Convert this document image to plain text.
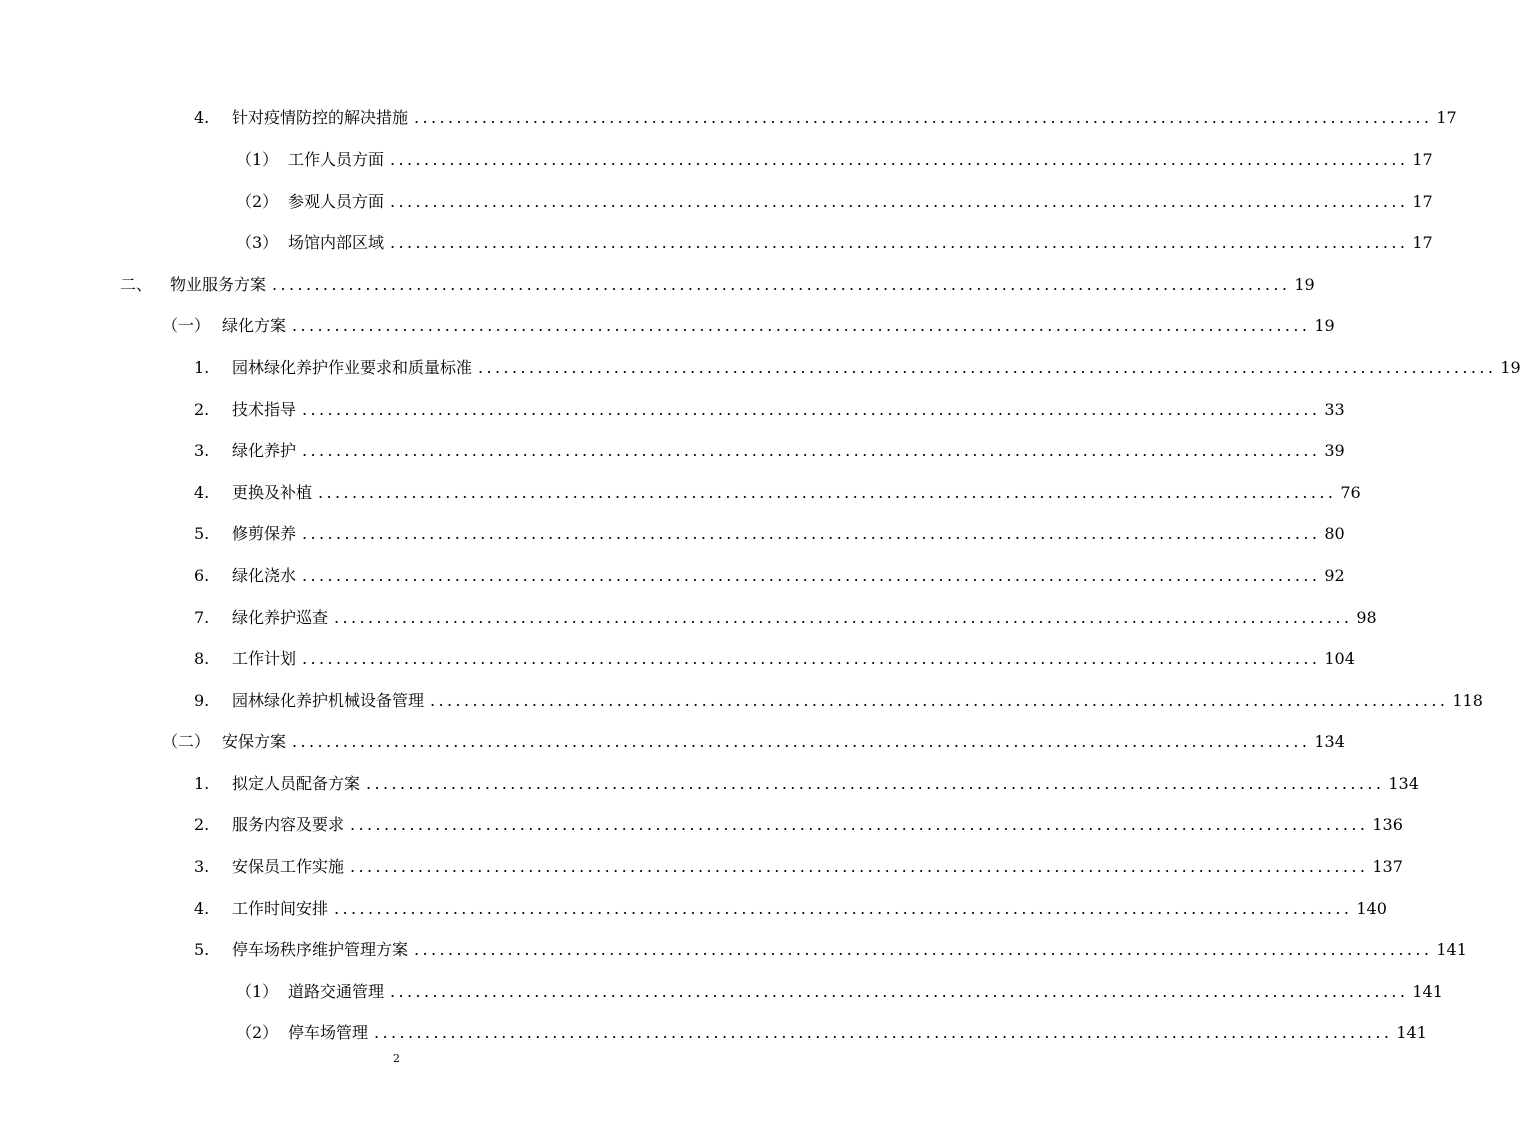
4.	针对疫情防控的解决措施 ........................................................................................................................ 17
（1） 工作人员方面 ........................................................................................................................ 17
（2） 参观人员方面 ........................................................................................................................ 17
（3） 场馆内部区域 ........................................................................................................................ 17
二、	物业服务方案 ........................................................................................................................ 19
（一） 绿化方案 ........................................................................................................................ 19
1.	园林绿化养护作业要求和质量标准 ........................................................................................................................ 19
2.	技术指导 ........................................................................................................................ 33
3.	绿化养护 ........................................................................................................................ 39
4.	更换及补植 ........................................................................................................................ 76
5.	修剪保养 ........................................................................................................................ 80
6.	绿化浇水 ........................................................................................................................ 92
7.	绿化养护巡查 ........................................................................................................................ 98
8.	工作计划 ........................................................................................................................ 104
9.	园林绿化养护机械设备管理 ........................................................................................................................ 118
（二） 安保方案 ........................................................................................................................ 134
1.	拟定人员配备方案 ........................................................................................................................ 134
2.	服务内容及要求 ........................................................................................................................ 136
3.	安保员工作实施 ........................................................................................................................ 137
4.	工作时间安排 ........................................................................................................................ 140
5.	停车场秩序维护管理方案 ........................................................................................................................ 141
（1） 道路交通管理 ........................................................................................................................ 141
（2） 停车场管理 ........................................................................................................................ 141
2
